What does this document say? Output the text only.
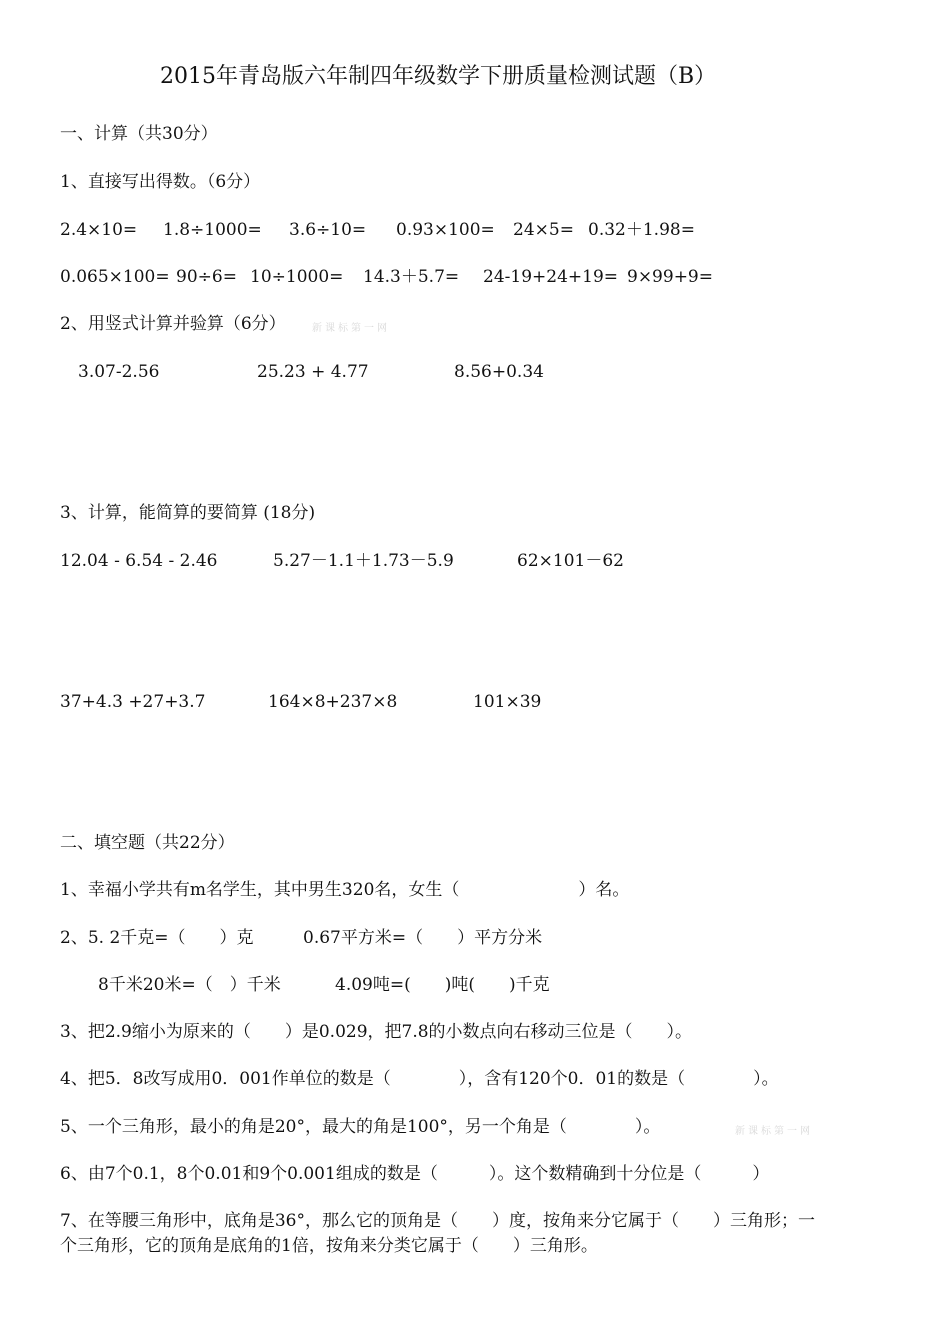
2015年青岛版六年制四年级数学下册质量检测试题（B）
一、计算（共30分）
1、直接写出得数。（6分）
2.4×10= 1.8÷1000= 3.6÷10= 0.93×100= 24×5= 0.32＋1.98=
0.065×100= 90÷6= 10÷1000= 14.3＋5.7= 24-19+24+19= 9×99+9=
2、用竖式计算并验算（6分）	新课标第一网
3.07-2.56	25.23 + 4.77	8.56+0.34
3、计算，能简算的要简算 (18分)
12.04 - 6.54 - 2.46	5.27－1.1＋1.73－5.9	62×101－62
37+4.3 +27+3.7	164×8+237×8	101×39
二、填空题（共22分）
1、幸福小学共有m名学生，其中男生320名，女生（　　　　　　　）名。
2、5. 2千克=（　　）克	0.67平方米=（　　）平方分米
8千米20米=（　）千米	4.09吨=(　　)吨(　　)千克
3、把2.9缩小为原来的（　　）是0.029，把7.8的小数点向右移动三位是（　　）。
4、把5．8改写成用0．001作单位的数是（　　　　），含有120个0．01的数是（　　　　）。
5、一个三角形，最小的角是20°，最大的角是100°，另一个角是（　　　　）。	新课标第一网
6、由7个0.1，8个0.01和9个0.001组成的数是（　　　）。这个数精确到十分位是（　　　）
7、在等腰三角形中，底角是36°，那么它的顶角是（　　）度，按角来分它属于（　　）三角形；一
个三角形，它的顶角是底角的1倍，按角来分类它属于（　　）三角形。
